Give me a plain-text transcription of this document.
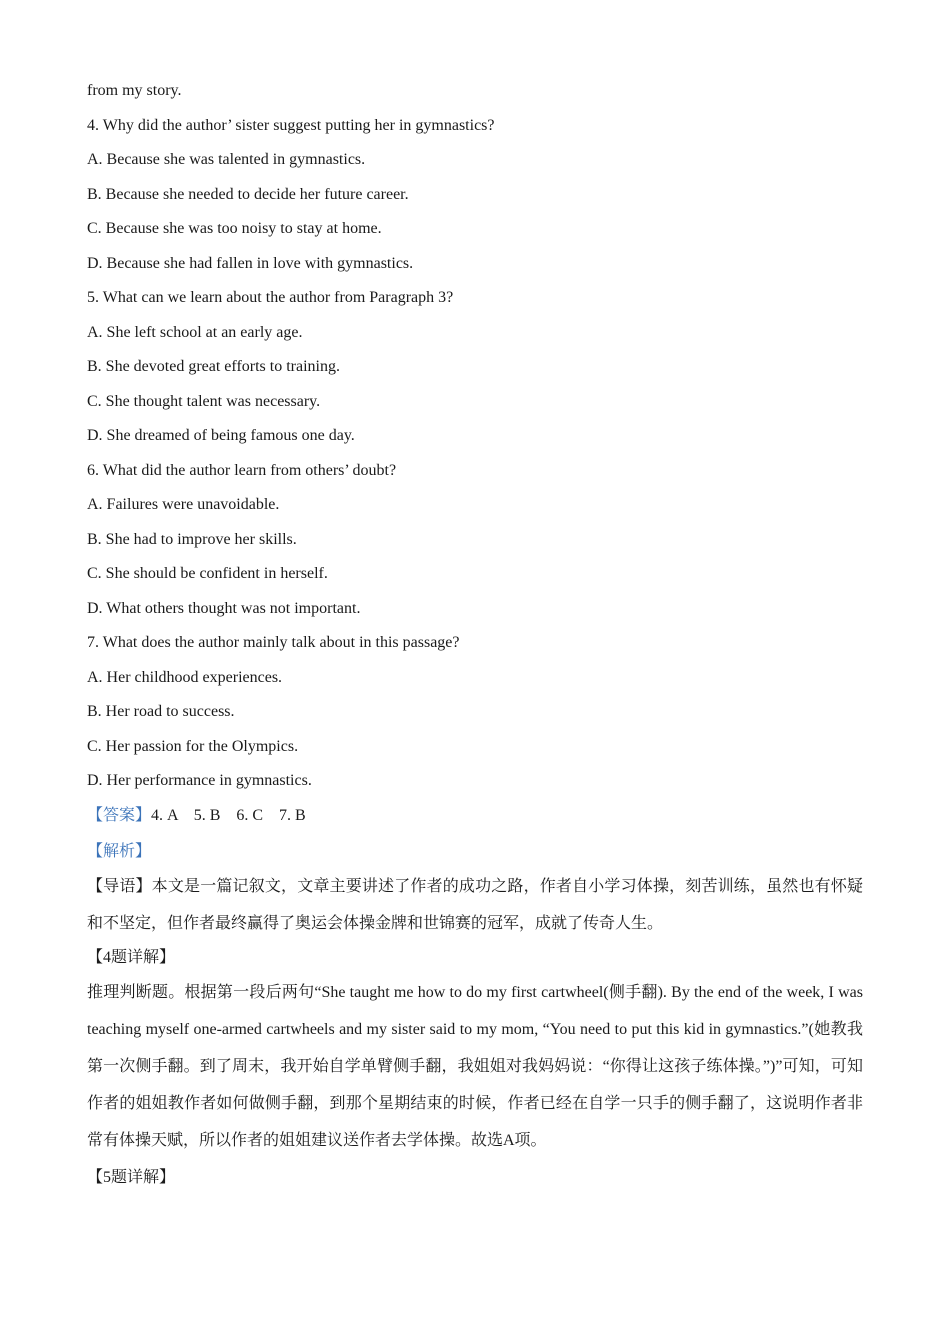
from my story.
4. Why did the author’ sister suggest putting her in gymnastics?
A. Because she was talented in gymnastics.
B. Because she needed to decide her future career.
C. Because she was too noisy to stay at home.
D. Because she had fallen in love with gymnastics.
5. What can we learn about the author from Paragraph 3?
A. She left school at an early age.
B. She devoted great efforts to training.
C. She thought talent was necessary.
D. She dreamed of being famous one day.
6. What did the author learn from others’ doubt?
A. Failures were unavoidable.
B. She had to improve her skills.
C. She should be confident in herself.
D. What others thought was not important.
7. What does the author mainly talk about in this passage?
A. Her childhood experiences.
B. Her road to success.
C. Her passion for the Olympics.
D. Her performance in gymnastics.
【答案】4. A    5. B    6. C    7. B
【解析】
【导语】本文是一篇记叙文，文章主要讲述了作者的成功之路，作者自小学习体操，刻苦训练，虽然也有怀疑和不坚定，但作者最终赢得了奥运会体操金牌和世锦赛的冠军，成就了传奇人生。
【4题详解】
推理判断题。根据第一段后两句“She taught me how to do my first cartwheel(侧手翻). By the end of the week, I was teaching myself one-armed cartwheels and my sister said to my mom, “You need to put this kid in gymnastics.”(她教我第一次侧手翻。到了周末，我开始自学单臂侧手翻，我姐姐对我妈妈说：“你得让这孩子练体操。”)”可知，可知作者的姐姐教作者如何做侧手翻，到那个星期结束的时候，作者已经在自学一只手的侧手翻了，这说明作者非常有体操天赋，所以作者的姐姐建议送作者去学体操。故选A项。
【5题详解】
